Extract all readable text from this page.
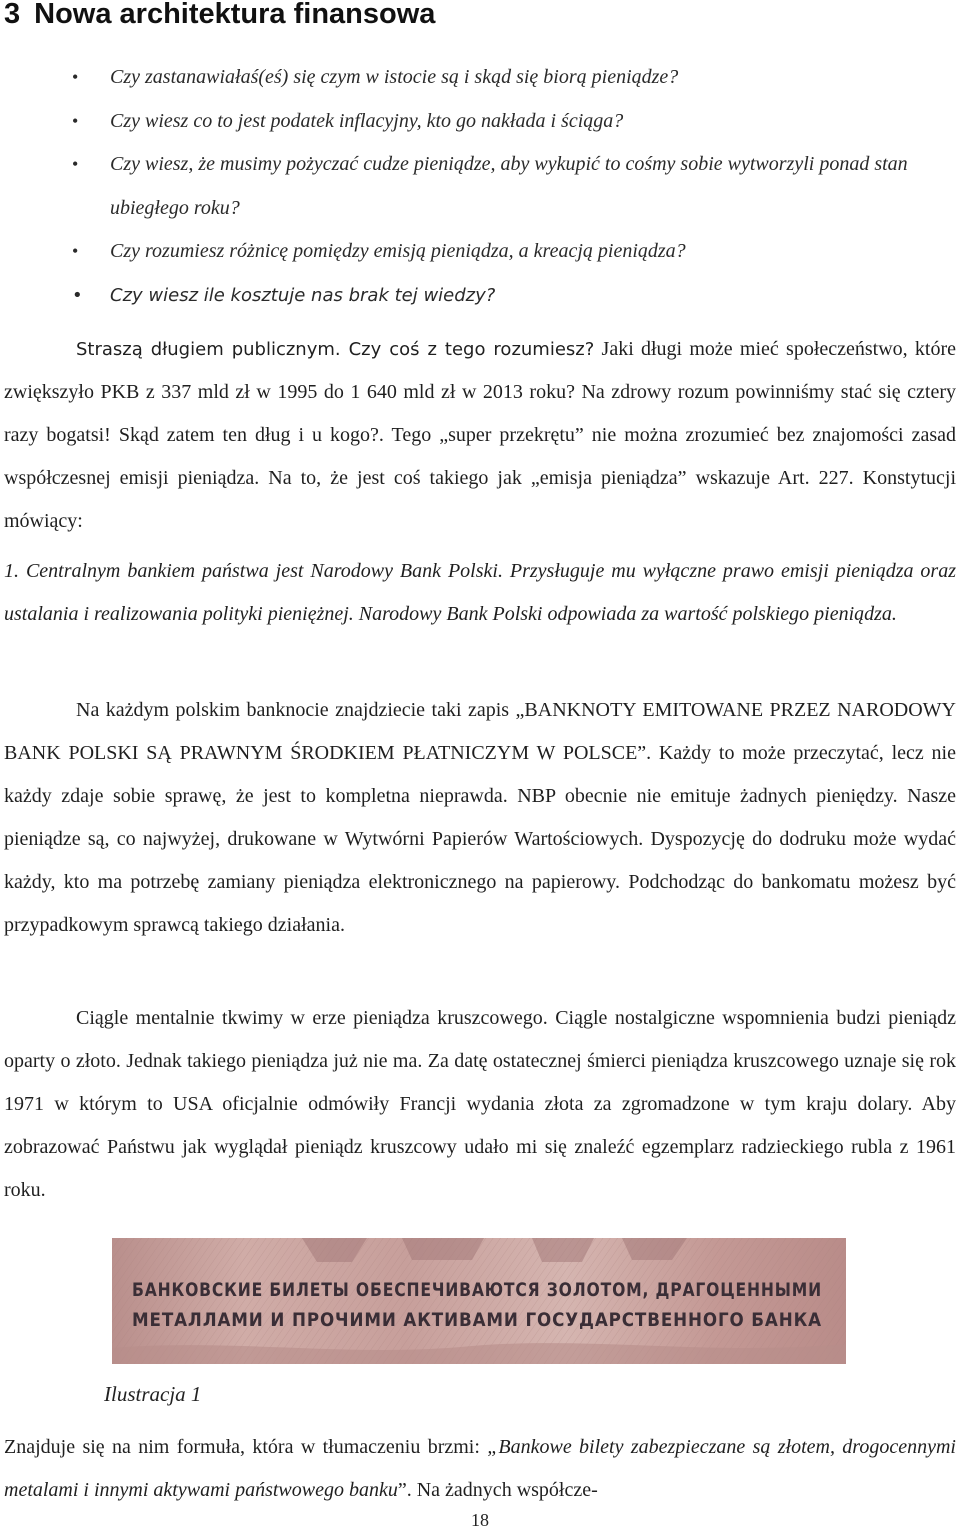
3 Nowa architektura finansowa
• Czy zastanawiałaś(eś) się czym w istocie są i skąd się biorą pieniądze?
• Czy wiesz co to jest podatek inflacyjny, kto go nakłada i ściąga?
• Czy wiesz, że musimy pożyczać cudze pieniądze, aby wykupić to cośmy sobie wytworzyli ponad stan ubiegłego roku?
• Czy rozumiesz różnicę pomiędzy emisją pieniądza, a kreacją pieniądza?
• Czy wiesz ile kosztuje nas brak tej wiedzy?

Straszą długiem publicznym. Czy coś z tego rozumiesz? Jaki długi może mieć społeczeństwo, które zwiększyło PKB z 337 mld zł w 1995 do 1 640 mld zł w 2013 roku? Na zdrowy rozum powinniśmy stać się cztery razy bogatsi! Skąd zatem ten dług i u kogo?. Tego „super przekrętu” nie można zrozumieć bez znajomości zasad współczesnej emisji pieniądza. Na to, że jest coś takiego jak „emisja pieniądza” wskazuje Art. 227. Konstytucji mówiący:

1. Centralnym bankiem państwa jest Narodowy Bank Polski. Przysługuje mu wyłączne prawo emisji pieniądza oraz ustalania i realizowania polityki pieniężnej. Narodowy Bank Polski odpowiada za wartość polskiego pieniądza.

Na każdym polskim banknocie znajdziecie taki zapis „BANKNOTY EMITOWANE PRZEZ NARODOWY BANK POLSKI SĄ PRAWNYM ŚRODKIEM PŁATNICZYM W POLSCE”. Każdy to może przeczytać, lecz nie każdy zdaje sobie sprawę, że jest to kompletna nieprawda. NBP obecnie nie emituje żadnych pieniędzy. Nasze pieniądze są, co najwyżej, drukowane w Wytwórni Papierów Wartościowych. Dyspozycję do dodruku może wydać każdy, kto ma potrzebę zamiany pieniądza elektronicznego na papierowy. Podchodząc do bankomatu możesz być przypadkowym sprawcą takiego działania.

Ciągle mentalnie tkwimy w erze pieniądza kruszcowego. Ciągle nostalgiczne wspomnienia budzi pieniądz oparty o złoto. Jednak takiego pieniądza już nie ma. Za datę ostatecznej śmierci pieniądza kruszcowego uznaje się rok 1971 w którym to USA oficjalnie odmówiły Francji wydania złota za zgromadzone w tym kraju dolary. Aby zobrazować Państwu jak wyglądał pieniądz kruszcowy udało mi się znaleźć egzemplarz radzieckiego rubla z 1961 roku.

БАНКОВСКИЕ БИЛЕТЫ ОБЕСПЕЧИВАЮТСЯ ЗОЛОТОМ, ДРАГОЦЕННЫМИ
МЕТАЛЛАМИ И ПРОЧИМИ АКТИВАМИ ГОСУДАРСТВЕННОГО БАНКА

Ilustracja 1

Znajduje się na nim formuła, która w tłumaczeniu brzmi: „Bankowe bilety zabezpieczane są złotem, drogocennymi metalami i innymi aktywami państwowego banku”. Na żadnych współcze-

18
